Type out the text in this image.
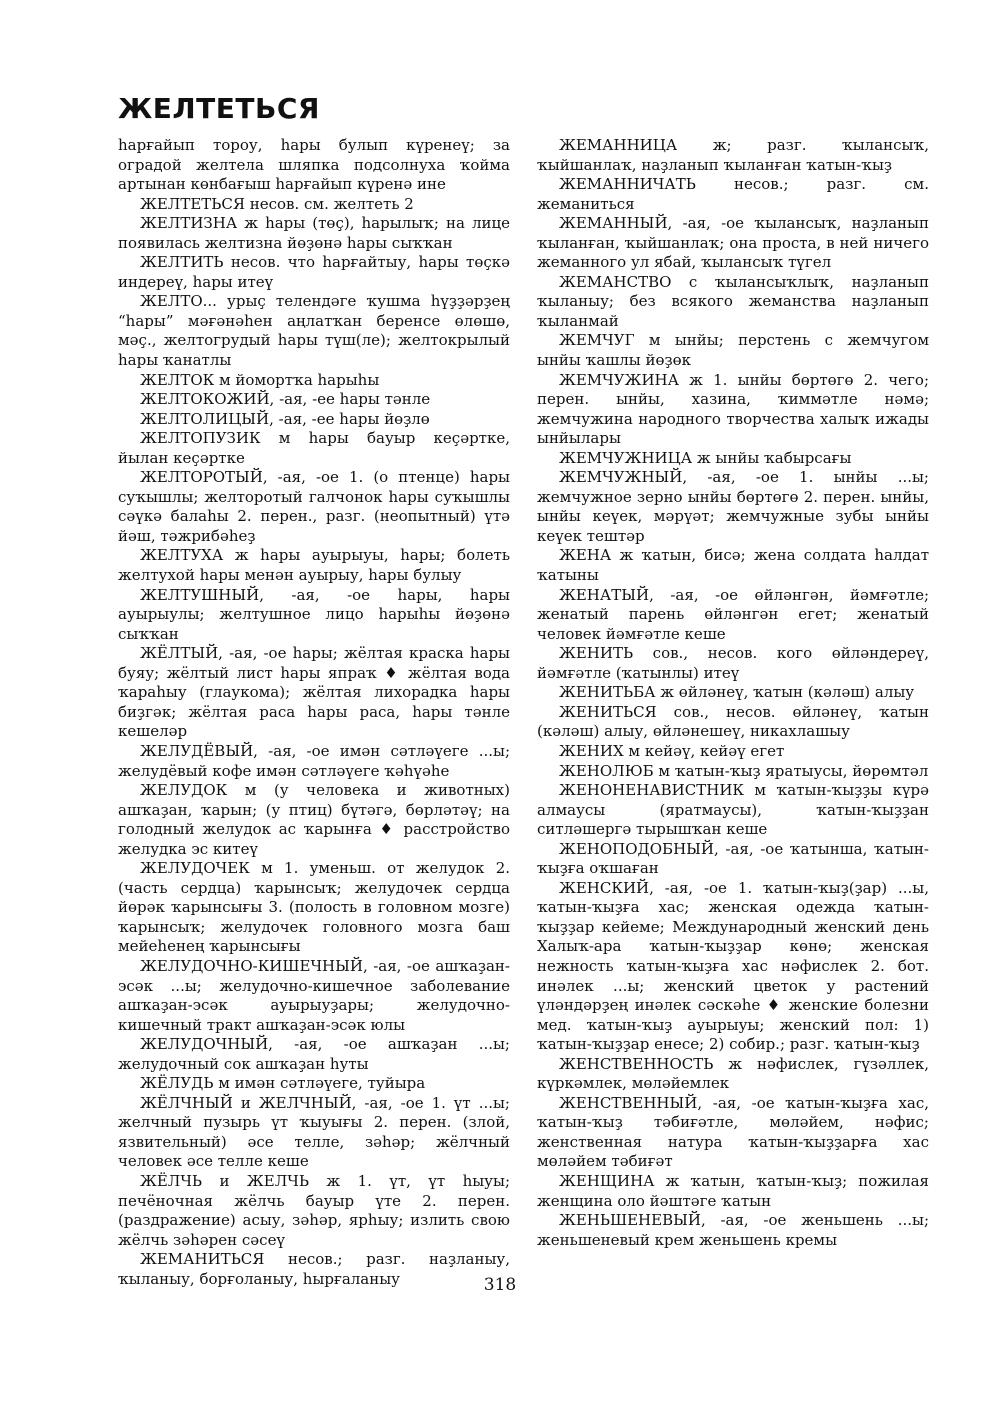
ЖЕЛТЕТЬСЯ

һарғайып тороу, һары булып күренеү; за оградой желтела шляпка подсолнуха ҡойма артынан көнбағыш һарғайып күренә ине

ЖЕЛТЕТЬСЯ несов. см. желтеть 2

ЖЕЛТИЗНА ж һары (төҫ), һарылыҡ; на лице появилась желтизна йөҙөнә һары сыҡҡан

ЖЕЛТИТЬ несов. что һарғайтыу, һары төҫкә индереү, һары итеү

ЖЕЛТО... урыҫ телендәге ҡушма һүҙҙәрҙең “һары” мәғәнәһен аңлатҡан беренсе өлөшө, мәҫ., желтогрудый һары түш(ле); желтокрылый һары ҡанатлы

ЖЕЛТОК м йомортҡа һарыһы

ЖЕЛТОКОЖИЙ, -ая, -ее һары тәнле

ЖЕЛТОЛИЦЫЙ, -ая, -ее һары йөҙлө

ЖЕЛТОПУЗИК м һары бауыр кеҫәртке, йылан кеҫәртке

ЖЕЛТОРОТЫЙ, -ая, -ое 1. (о птенце) һары суҡышлы; желторотый галчонок һары суҡышлы сәүкә балаһы 2. перен., разг. (неопытный) үтә йәш, тәжрибәһеҙ

ЖЕЛТУХА ж һары ауырыуы, һары; болеть желтухой һары менән ауырыу, һары булыу

ЖЕЛТУШНЫЙ, -ая, -ое һары, һары ауырыулы; желтушное лицо һарыһы йөҙөнә сыҡҡан

ЖЁЛТЫЙ, -ая, -ое һары; жёлтая краска һары буяу; жёлтый лист һары япраҡ ♦ жёлтая вода ҡараһыу (глаукома); жёлтая лихорадка һары биҙгәк; жёлтая раса һары раса, һары тәнле кешеләр

ЖЕЛУДЁВЫЙ, -ая, -ое имән сәтләүеге ...ы; желудёвый кофе имән сәтләүеге ҡәһүәһе

ЖЕЛУДОК м (у человека и животных) ашҡаҙан, ҡарын; (у птиц) бүтәгә, бөрләтәү; на голодный желудок ас ҡарынға ♦ расстройство желудка эс китеү

ЖЕЛУДОЧЕК м 1. уменьш. от желудок 2. (часть сердца) ҡарынсыҡ; желудочек сердца йөрәк ҡарынсығы 3. (полость в головном мозге) ҡарынсыҡ; желудочек головного мозга баш мейеһенең ҡарынсығы

ЖЕЛУДОЧНО-КИШЕЧНЫЙ, -ая, -ое ашҡаҙан-эсәк ...ы; желудочно-кишечное заболевание ашҡаҙан-эсәк ауырыуҙары; желудочно-кишечный тракт ашҡаҙан-эсәк юлы

ЖЕЛУДОЧНЫЙ, -ая, -ое ашҡаҙан ...ы; желудочный сок ашҡаҙан һуты

ЖЁЛУДЬ м имән сәтләүеге, туйыра

ЖЁЛЧНЫЙ и ЖЕЛЧНЫЙ, -ая, -ое 1. үт ...ы; желчный пузырь үт ҡыуығы 2. перен. (злой, язвительный) әсе телле, зәһәр; жёлчный человек әсе телле кеше

ЖЁЛЧЬ и ЖЕЛЧЬ ж 1. үт, үт һыуы; печёночная жёлчь бауыр үте 2. перен. (раздражение) асыу, зәһәр, ярһыу; излить свою жёлчь зәһәрен сәсеү

ЖЕМАНИТЬСЯ несов.; разг. наҙланыу, ҡыланыу, борғоланыу, һырғаланыу

ЖЕМАННИЦА ж; разг. ҡылансыҡ, ҡыйшанлаҡ, наҙланып ҡыланған ҡатын-ҡыҙ

ЖЕМАННИЧАТЬ несов.; разг. см. жеманиться

ЖЕМАННЫЙ, -ая, -ое ҡылансыҡ, наҙланып ҡыланған, ҡыйшанлаҡ; она проста, в ней ничего жеманного ул ябай, ҡылансыҡ түгел

ЖЕМАНСТВО с ҡылансыҡлыҡ, наҙланып ҡыланыу; без всякого жеманства наҙланып ҡыланмай

ЖЕМЧУГ м ынйы; перстень с жемчугом ынйы ҡашлы йөҙөк

ЖЕМЧУЖИНА ж 1. ынйы бөртөгө 2. чего; перен. ынйы, хазина, ҡиммәтле нәмә; жемчужина народного творчества халыҡ ижады ынйылары

ЖЕМЧУЖНИЦА ж ынйы ҡабырсағы

ЖЕМЧУЖНЫЙ, -ая, -ое 1. ынйы ...ы; жемчужное зерно ынйы бөртөгө 2. перен. ынйы, ынйы кеүек, мәрүәт; жемчужные зубы ынйы кеүек тештәр

ЖЕНА ж ҡатын, бисә; жена солдата һалдат ҡатыны

ЖЕНАТЫЙ, -ая, -ое өйләнгән, йәмғәтле; женатый парень өйләнгән егет; женатый человек йәмғәтле кеше

ЖЕНИТЬ сов., несов. кого өйләндереү, йәмғәтле (ҡатынлы) итеү

ЖЕНИТЬБА ж өйләнеү, ҡатын (кәләш) алыу

ЖЕНИТЬСЯ сов., несов. өйләнеү, ҡатын (кәләш) алыу, өйләнешеү, никахлашыу

ЖЕНИХ м кейәү, кейәү егет

ЖЕНОЛЮБ м ҡатын-ҡыҙ яратыусы, йөрөмтәл

ЖЕНОНЕНАВИСТНИК м ҡатын-ҡыҙҙы күрә алмаусы (яратмаусы), ҡатын-ҡыҙҙан ситләшергә тырышҡан кеше

ЖЕНОПОДОБНЫЙ, -ая, -ое ҡатынша, ҡатын-ҡыҙға оҡшаған

ЖЕНСКИЙ, -ая, -ое 1. ҡатын-ҡыҙ(ҙар) ...ы, ҡатын-ҡыҙға хас; женская одежда ҡатын-ҡыҙҙар кейеме; Международный женский день Халыҡ-ара ҡатын-ҡыҙҙар көнө; женская нежность ҡатын-ҡыҙға хас нәфислек 2. бот. инәлек ...ы; женский цветок у растений үләндәрҙең инәлек сәскәһе ♦ женские болезни мед. ҡатын-ҡыҙ ауырыуы; женский пол: 1) ҡатын-ҡыҙҙар енесе; 2) собир.; разг. ҡатын-ҡыҙ

ЖЕНСТВЕННОСТЬ ж нәфислек, гүзәллек, күркәмлек, мөләйемлек

ЖЕНСТВЕННЫЙ, -ая, -ое ҡатын-ҡыҙға хас, ҡатын-ҡыҙ тәбиғәтле, мөләйем, нәфис; женственная натура ҡатын-ҡыҙҙарға хас мөләйем тәбиғәт

ЖЕНЩИНА ж ҡатын, ҡатын-ҡыҙ; пожилая женщина оло йәштәге ҡатын

ЖЕНЬШЕНЕВЫЙ, -ая, -ое женьшень ...ы; женьшеневый крем женьшень кремы

318
